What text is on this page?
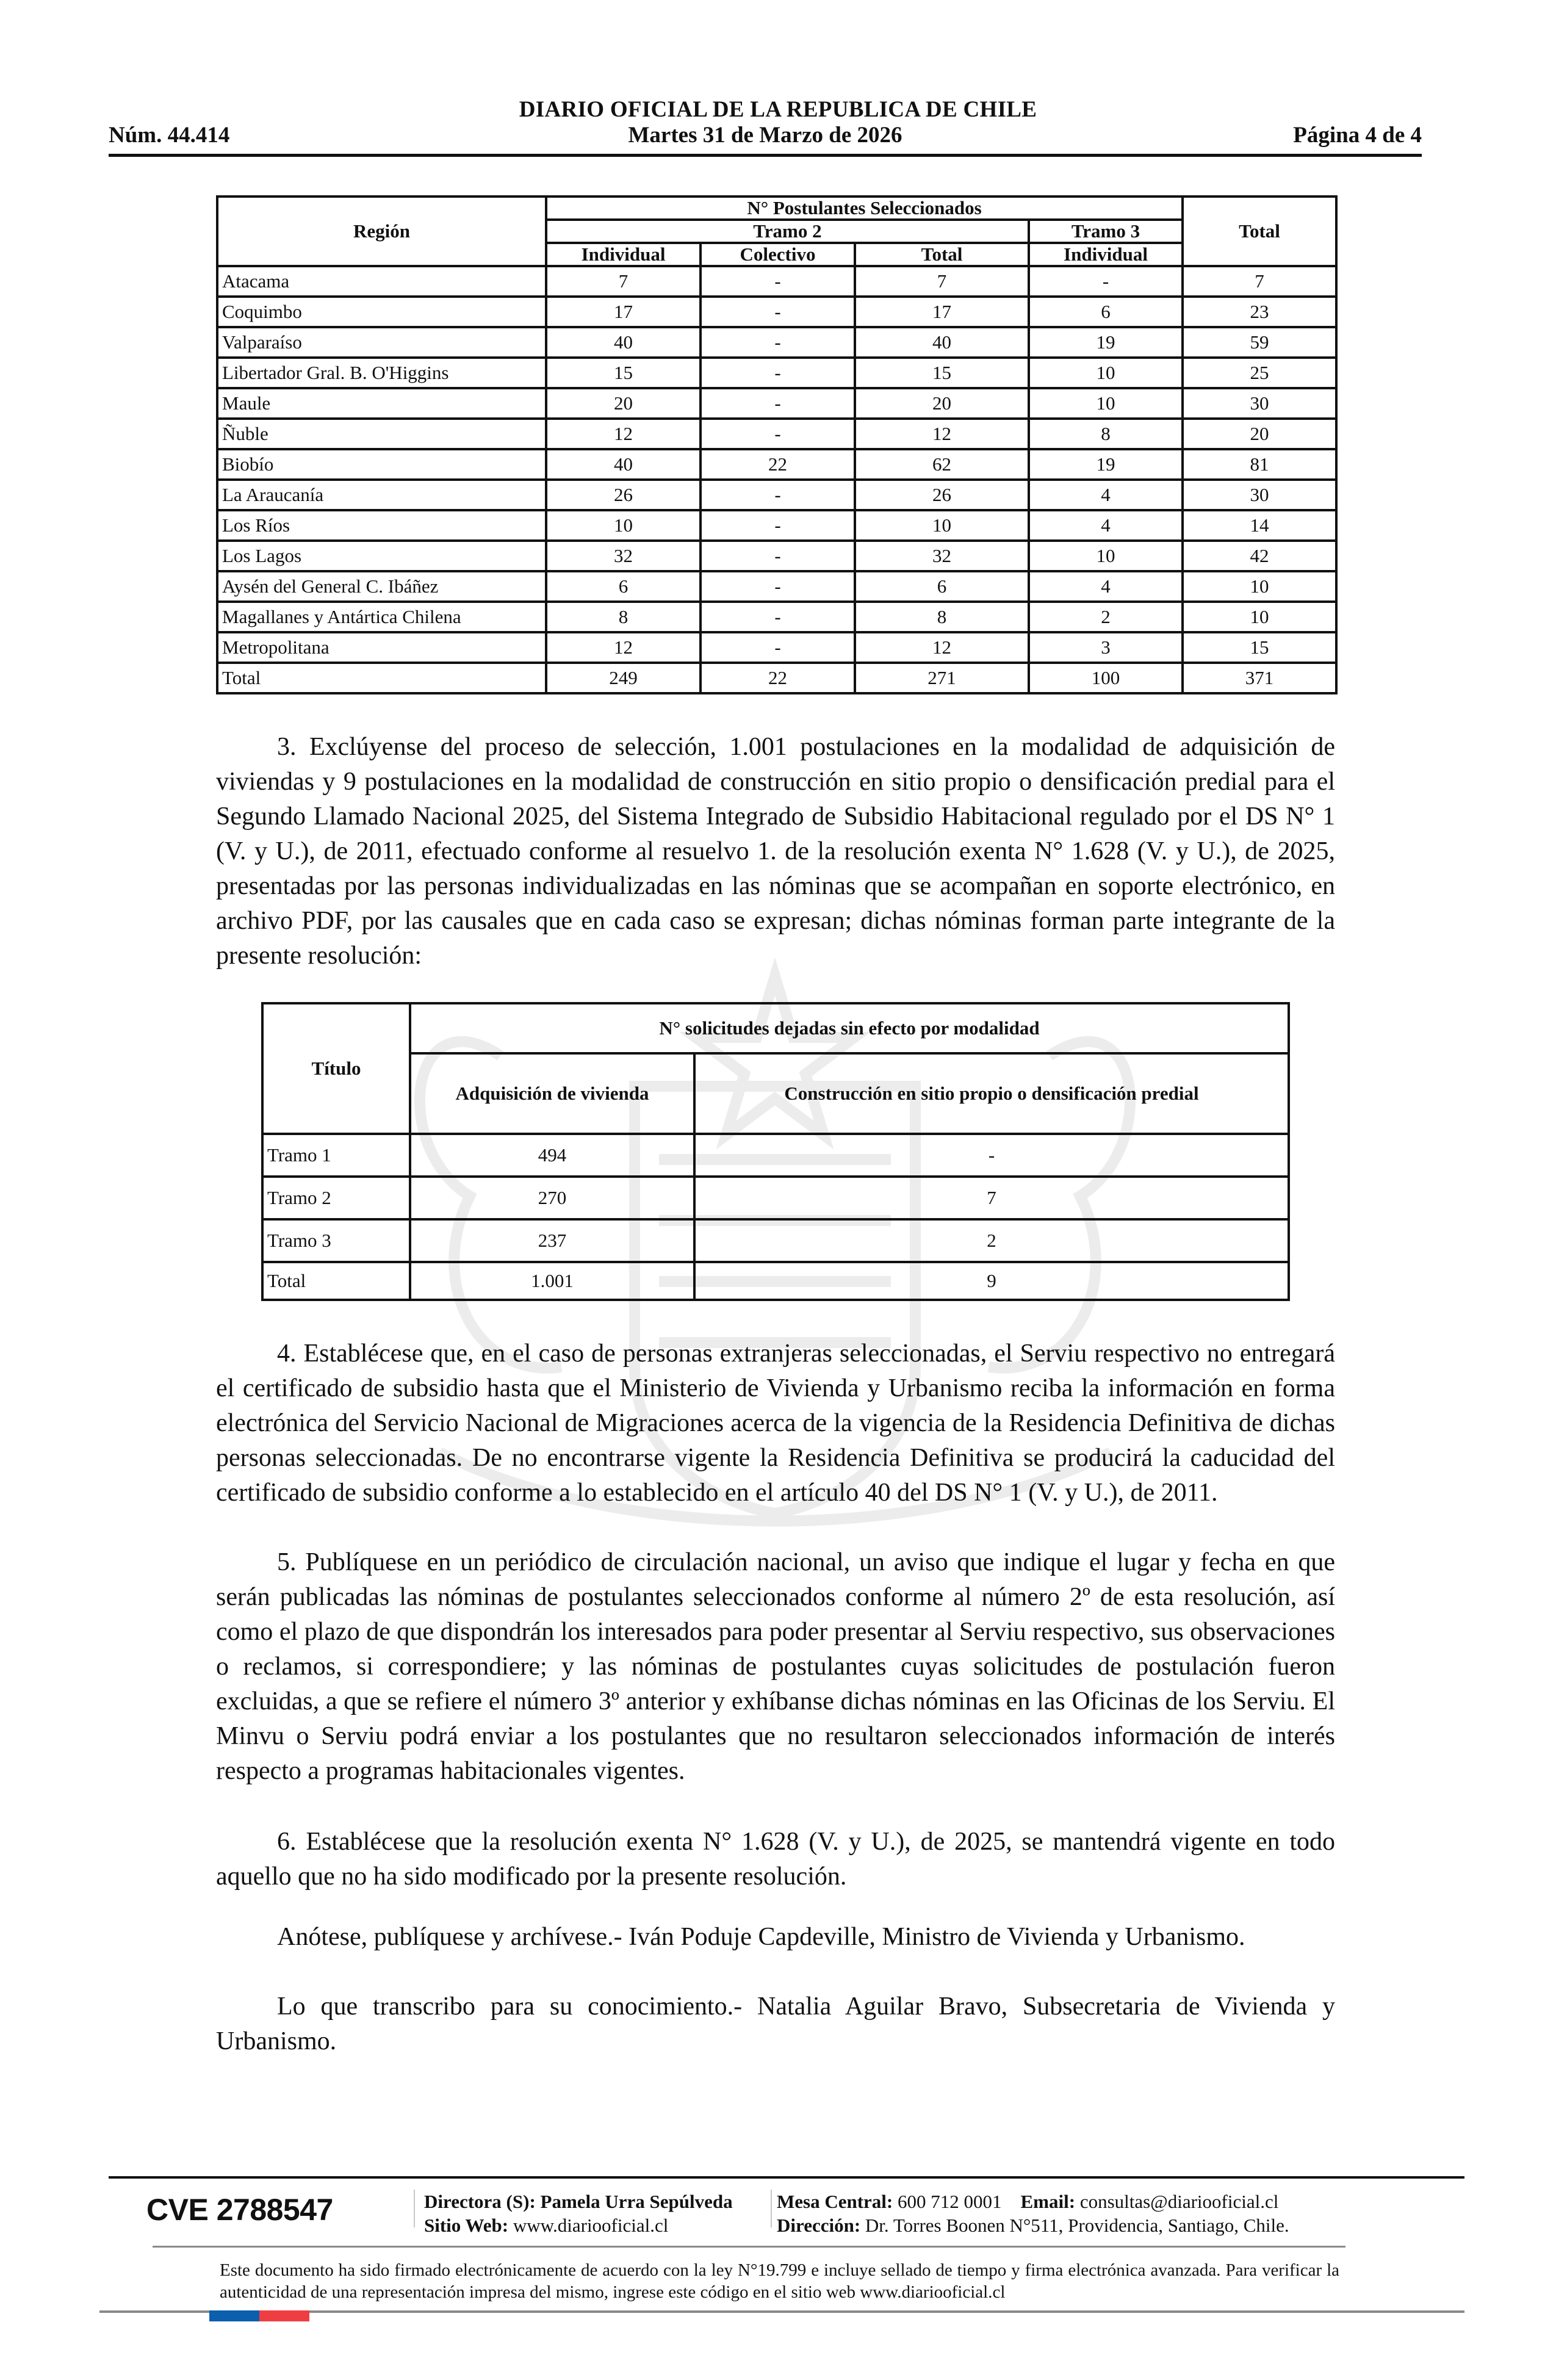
DIARIO OFICIAL DE LA REPUBLICA DE CHILE
Núm. 44.414	Martes 31 de Marzo de 2026	Página 4 de 4
Región	N° Postulantes Seleccionados				Total
	Tramo 2			Tramo 3	
	Individual	Colectivo	Total	Individual	
Atacama	7	-	7	-	7
Coquimbo	17	-	17	6	23
Valparaíso	40	-	40	19	59
Libertador Gral. B. O'Higgins	15	-	15	10	25
Maule	20	-	20	10	30
Ñuble	12	-	12	8	20
Biobío	40	22	62	19	81
La Araucanía	26	-	26	4	30
Los Ríos	10	-	10	4	14
Los Lagos	32	-	32	10	42
Aysén del General C. Ibáñez	6	-	6	4	10
Magallanes y Antártica Chilena	8	-	8	2	10
Metropolitana	12	-	12	3	15
Total	249	22	271	100	371

3. Exclúyense del proceso de selección, 1.001 postulaciones en la modalidad de adquisición de viviendas y 9 postulaciones en la modalidad de construcción en sitio propio o densificación predial para el Segundo Llamado Nacional 2025, del Sistema Integrado de Subsidio Habitacional regulado por el DS N° 1 (V. y U.), de 2011, efectuado conforme al resuelvo 1. de la resolución exenta N° 1.628 (V. y U.), de 2025, presentadas por las personas individualizadas en las nóminas que se acompañan en soporte electrónico, en archivo PDF, por las causales que en cada caso se expresan; dichas nóminas forman parte integrante de la presente resolución:

Título	N° solicitudes dejadas sin efecto por modalidad	
	Adquisición de vivienda	Construcción en sitio propio o densificación predial
Tramo 1	494	-
Tramo 2	270	7
Tramo 3	237	2
Total	1.001	9

4. Establécese que, en el caso de personas extranjeras seleccionadas, el Serviu respectivo no entregará el certificado de subsidio hasta que el Ministerio de Vivienda y Urbanismo reciba la información en forma electrónica del Servicio Nacional de Migraciones acerca de la vigencia de la Residencia Definitiva de dichas personas seleccionadas. De no encontrarse vigente la Residencia Definitiva se producirá la caducidad del certificado de subsidio conforme a lo establecido en el artículo 40 del DS N° 1 (V. y U.), de 2011.

5. Publíquese en un periódico de circulación nacional, un aviso que indique el lugar y fecha en que serán publicadas las nóminas de postulantes seleccionados conforme al número 2º de esta resolución, así como el plazo de que dispondrán los interesados para poder presentar al Serviu respectivo, sus observaciones o reclamos, si correspondiere; y las nóminas de postulantes cuyas solicitudes de postulación fueron excluidas, a que se refiere el número 3º anterior y exhíbanse dichas nóminas en las Oficinas de los Serviu. El Minvu o Serviu podrá enviar a los postulantes que no resultaron seleccionados información de interés respecto a programas habitacionales vigentes.

6. Establécese que la resolución exenta N° 1.628 (V. y U.), de 2025, se mantendrá vigente en todo aquello que no ha sido modificado por la presente resolución.

Anótese, publíquese y archívese.- Iván Poduje Capdeville, Ministro de Vivienda y Urbanismo.

Lo que transcribo para su conocimiento.- Natalia Aguilar Bravo, Subsecretaria de Vivienda y Urbanismo.

CVE 2788547	Directora (S): Pamela Urra Sepúlveda
Sitio Web: www.diariooficial.cl
Mesa Central: 600 712 0001 Email: consultas@diariooficial.cl
Dirección: Dr. Torres Boonen N°511, Providencia, Santiago, Chile.
Este documento ha sido firmado electrónicamente de acuerdo con la ley N°19.799 e incluye sellado de tiempo y firma electrónica avanzada. Para verificar la autenticidad de una representación impresa del mismo, ingrese este código en el sitio web www.diariooficial.cl
